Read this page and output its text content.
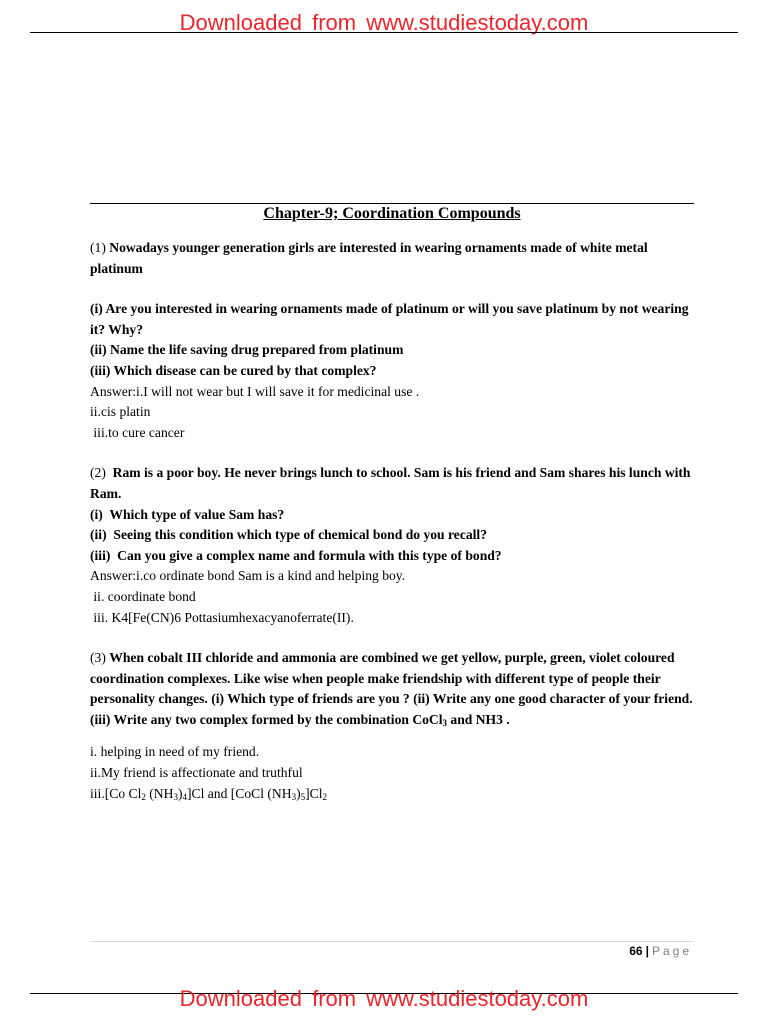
Downloaded from www.studiestoday.com
Chapter-9; Coordination Compounds

(1) Nowadays younger generation girls are interested in wearing ornaments made of white metal platinum

(i) Are you interested in wearing ornaments made of platinum or will you save platinum by not wearing it? Why?

(ii) Name the life saving drug prepared from platinum

(iii) Which disease can be cured by that complex?

Answer:i.I will not wear but I will save it for medicinal use .

ii.cis platin

iii.to cure cancer

(2)  Ram is a poor boy. He never brings lunch to school. Sam is his friend and Sam shares his lunch with Ram.

(i)  Which type of value Sam has?

(ii)  Seeing this condition which type of chemical bond do you recall?

(iii)  Can you give a complex name and formula with this type of bond?

Answer:i.co ordinate bond Sam is a kind and helping boy.

ii. coordinate bond

iii. K4[Fe(CN)6 Pottasiumhexacyanoferrate(II).

(3) When cobalt III chloride and ammonia are combined we get yellow, purple, green, violet coloured coordination complexes. Like wise when people make friendship with different type of people their personality changes. (i) Which type of friends are you ? (ii) Write any one good character of your friend. (iii) Write any two complex formed by the combination CoCl$_3$ and NH3 .

i. helping in need of my friend.

ii.My friend is affectionate and truthful

iii.[Co $Cl_2$ $(NH_3)_4]Cl$ and [CoCl $(NH_3)_5]Cl_2$

66 | Page
Downloaded from www.studiestoday.com
